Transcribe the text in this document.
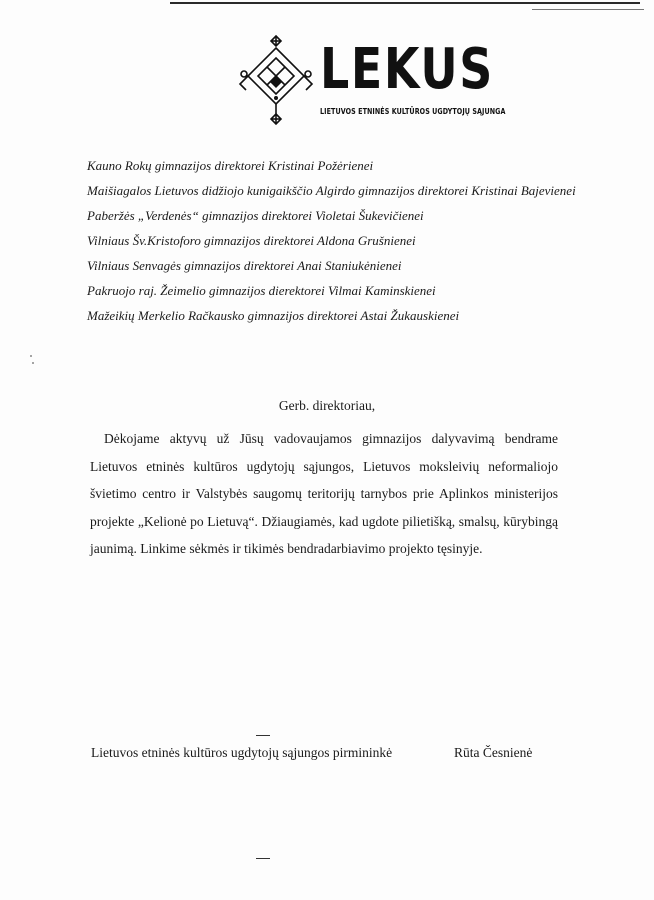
LEKUS
LIETUVOS ETNINĖS KULTŪROS UGDYTOJŲ SĄJUNGA
Kauno Rokų gimnazijos direktorei Kristinai Požėrienei
Maišiagalos Lietuvos didžiojo kunigaikščio Algirdo gimnazijos direktorei Kristinai Bajevienei
Paberžės „Verdenės“ gimnazijos direktorei Violetai Šukevičienei
Vilniaus Šv.Kristoforo gimnazijos direktorei Aldona Grušnienei
Vilniaus Senvagės gimnazijos direktorei Anai Staniukėnienei
Pakruojo raj. Žeimelio gimnazijos dierektorei Vilmai Kaminskienei
Mažeikių Merkelio Račkausko gimnazijos direktorei Astai Žukauskienei
Gerb. direktoriau,

Dėkojame aktyvų už Jūsų vadovaujamos gimnazijos dalyvavimą bendrame Lietuvos etninės kultūros ugdytojų sąjungos, Lietuvos moksleivių neformaliojo švietimo centro ir Valstybės saugomų teritorijų tarnybos prie Aplinkos ministerijos projekte „Kelionė po Lietuvą“. Džiaugiamės, kad ugdote pilietišką, smalsų, kūrybingą jaunimą. Linkime sėkmės ir tikimės bendradarbiavimo projekto tęsinyje.

Lietuvos etninės kultūros ugdytojų sąjungos pirmininkė	Rūta Česnienė
